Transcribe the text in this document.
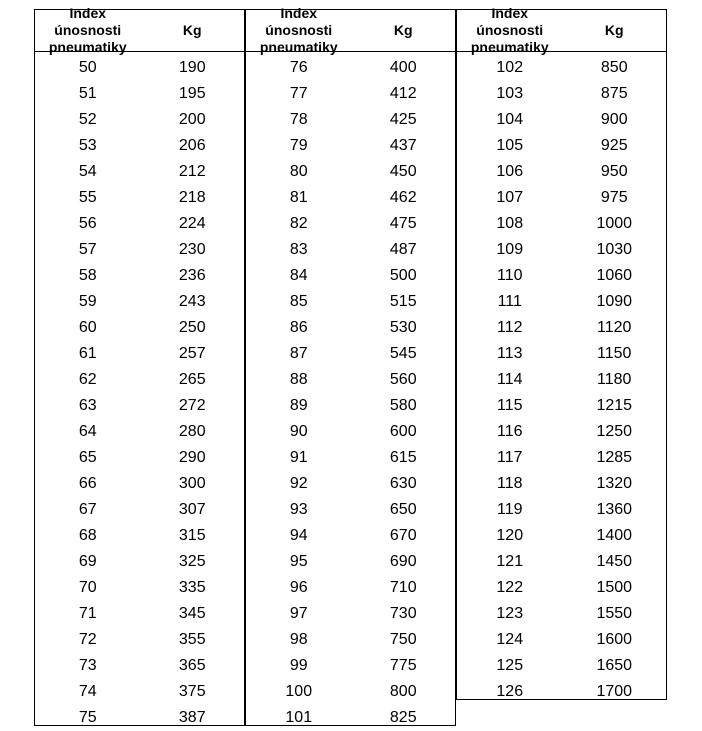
Index únosnosti
pneumatiky
Kg
50	190
51	195
52	200
53	206
54	212
55	218
56	224
57	230
58	236
59	243
60	250
61	257
62	265
63	272
64	280
65	290
66	300
67	307
68	315
69	325
70	335
71	345
72	355
73	365
74	375
75	387
Index únosnosti
pneumatiky
Kg
76	400
77	412
78	425
79	437
80	450
81	462
82	475
83	487
84	500
85	515
86	530
87	545
88	560
89	580
90	600
91	615
92	630
93	650
94	670
95	690
96	710
97	730
98	750
99	775
100	800
101	825
Index únosnosti
pneumatiky
Kg
102	850
103	875
104	900
105	925
106	950
107	975
108	1000
109	1030
110	1060
111	1090
112	1120
113	1150
114	1180
115	1215
116	1250
117	1285
118	1320
119	1360
120	1400
121	1450
122	1500
123	1550
124	1600
125	1650
126	1700
